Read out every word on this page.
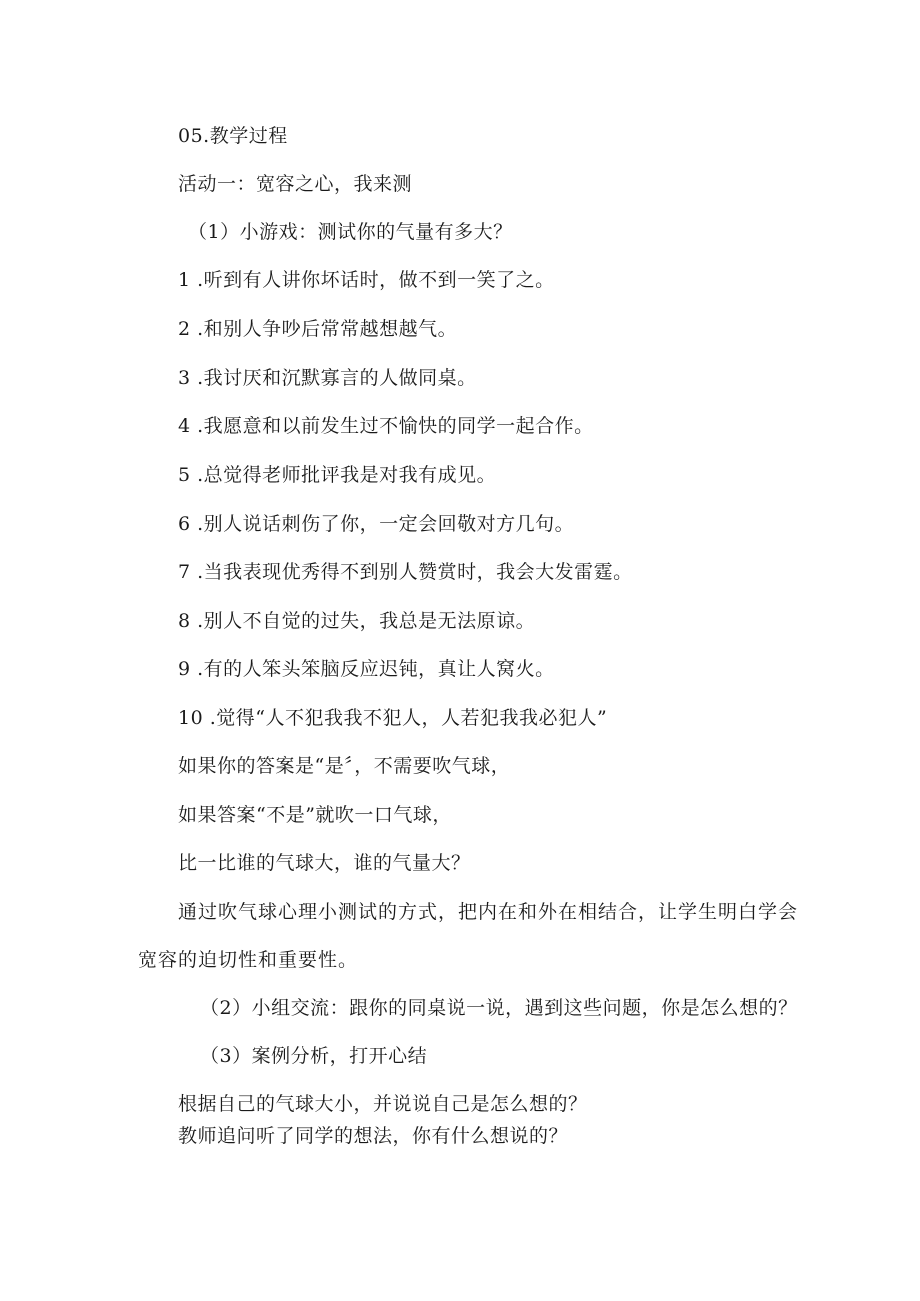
05.教学过程
活动一：宽容之心，我来测
（1）小游戏：测试你的气量有多大？
1 .听到有人讲你坏话时，做不到一笑了之。
2 .和别人争吵后常常越想越气。
3 .我讨厌和沉默寡言的人做同桌。
4 .我愿意和以前发生过不愉快的同学一起合作。
5 .总觉得老师批评我是对我有成见。
6 .别人说话刺伤了你，一定会回敬对方几句。
7 .当我表现优秀得不到别人赞赏时，我会大发雷霆。
8 .别人不自觉的过失，我总是无法原谅。
9 .有的人笨头笨脑反应迟钝，真让人窝火。
10 .觉得“人不犯我我不犯人，人若犯我我必犯人”
如果你的答案是“是〞，不需要吹气球，
如果答案“不是”就吹一口气球，
比一比谁的气球大，谁的气量大？
通过吹气球心理小测试的方式，把内在和外在相结合，让学生明白学会宽容的迫切性和重要性。
（2）小组交流：跟你的同桌说一说，遇到这些问题，你是怎么想的？
（3）案例分析，打开心结
根据自己的气球大小，并说说自己是怎么想的？
教师追问听了同学的想法，你有什么想说的？
